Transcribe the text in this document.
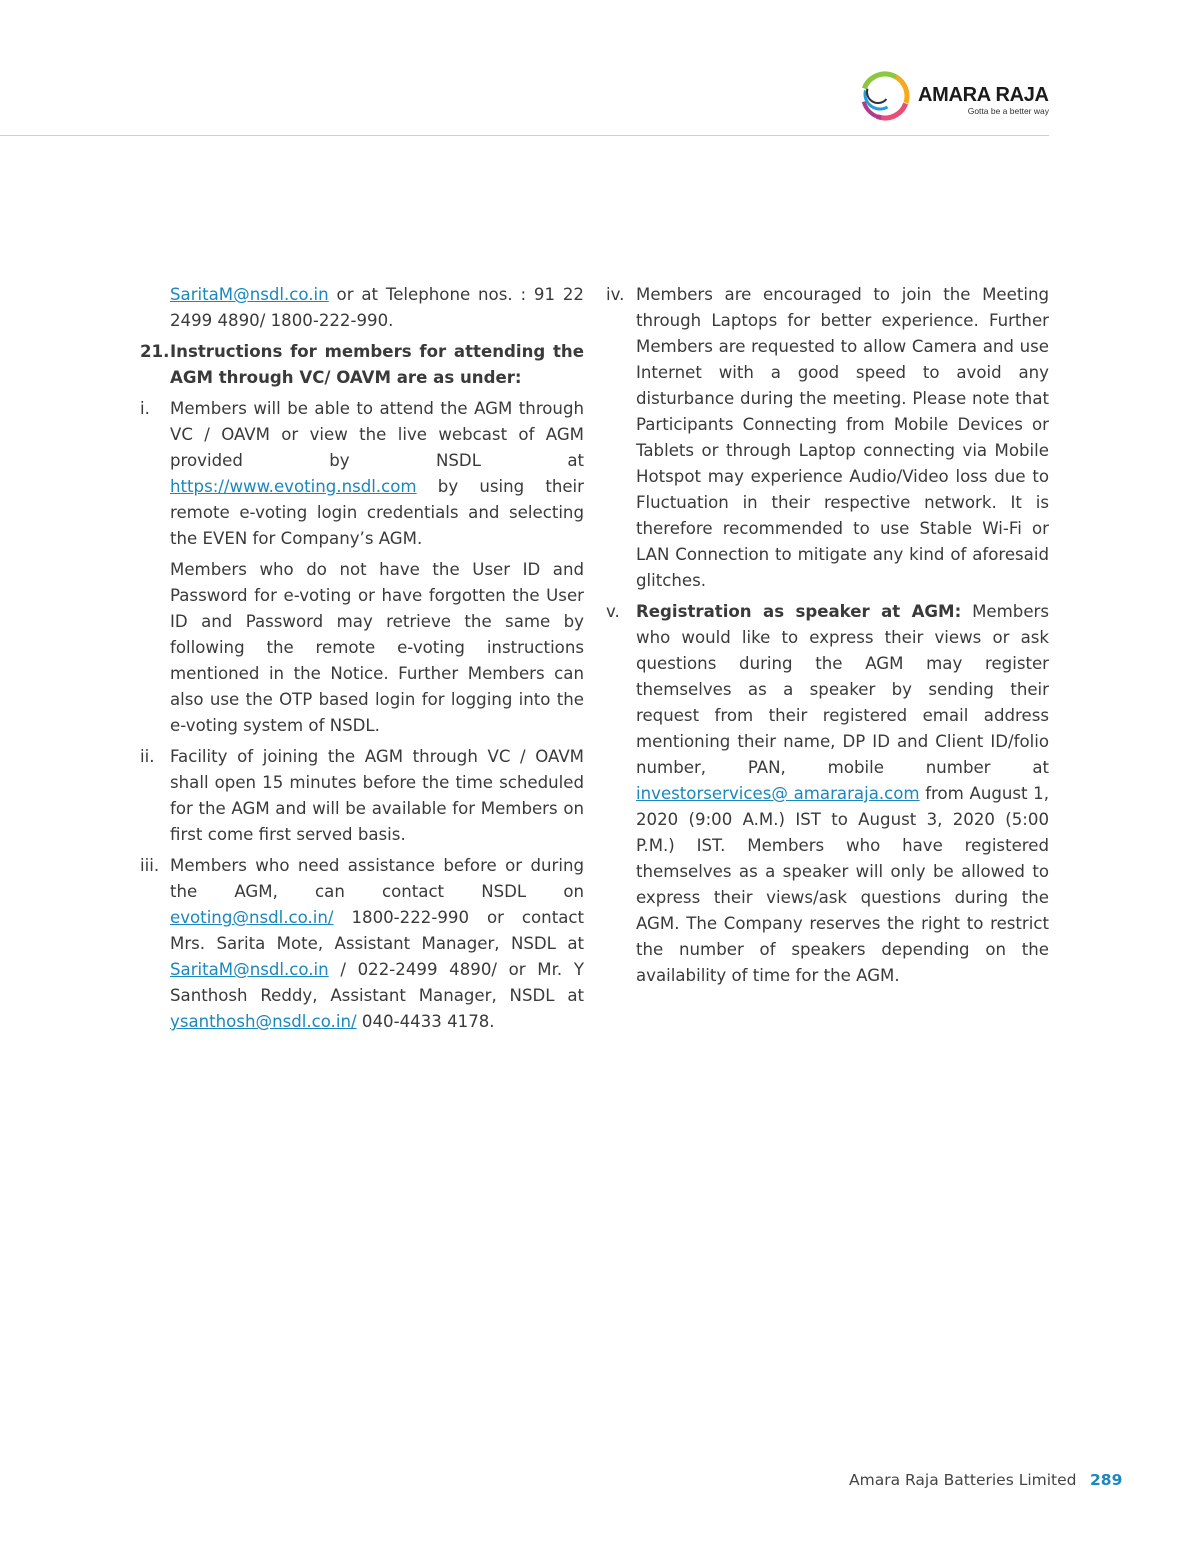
AMARA RAJA
Gotta be a better way
SaritaM@nsdl.co.in or at Telephone nos. : 91 22 2499 4890/ 1800-222-990.
21. Instructions for members for attending the AGM through VC/ OAVM are as under:
i. Members will be able to attend the AGM through VC / OAVM or view the live webcast of AGM provided by NSDL at https://www.evoting.nsdl.com by using their remote e-voting login credentials and selecting the EVEN for Company’s AGM.
Members who do not have the User ID and Password for e-voting or have forgotten the User ID and Password may retrieve the same by following the remote e-voting instructions mentioned in the Notice. Further Members can also use the OTP based login for logging into the e-voting system of NSDL.
ii. Facility of joining the AGM through VC / OAVM shall open 15 minutes before the time scheduled for the AGM and will be available for Members on first come first served basis.
iii. Members who need assistance before or during the AGM, can contact NSDL on evoting@nsdl.co.in/ 1800-222-990 or contact Mrs. Sarita Mote, Assistant Manager, NSDL at SaritaM@nsdl.co.in / 022-2499 4890/ or Mr. Y Santhosh Reddy, Assistant Manager, NSDL at ysanthosh@nsdl.co.in/ 040-4433 4178.
iv. Members are encouraged to join the Meeting through Laptops for better experience. Further Members are requested to allow Camera and use Internet with a good speed to avoid any disturbance during the meeting. Please note that Participants Connecting from Mobile Devices or Tablets or through Laptop connecting via Mobile Hotspot may experience Audio/Video loss due to Fluctuation in their respective network. It is therefore recommended to use Stable Wi-Fi or LAN Connection to mitigate any kind of aforesaid glitches.
v. Registration as speaker at AGM: Members who would like to express their views or ask questions during the AGM may register themselves as a speaker by sending their request from their registered email address mentioning their name, DP ID and Client ID/folio number, PAN, mobile number at investorservices@ amararaja.com from August 1, 2020 (9:00 A.M.) IST to August 3, 2020 (5:00 P.M.) IST. Members who have registered themselves as a speaker will only be allowed to express their views/ask questions during the AGM. The Company reserves the right to restrict the number of speakers depending on the availability of time for the AGM.
Amara Raja Batteries Limited 289
